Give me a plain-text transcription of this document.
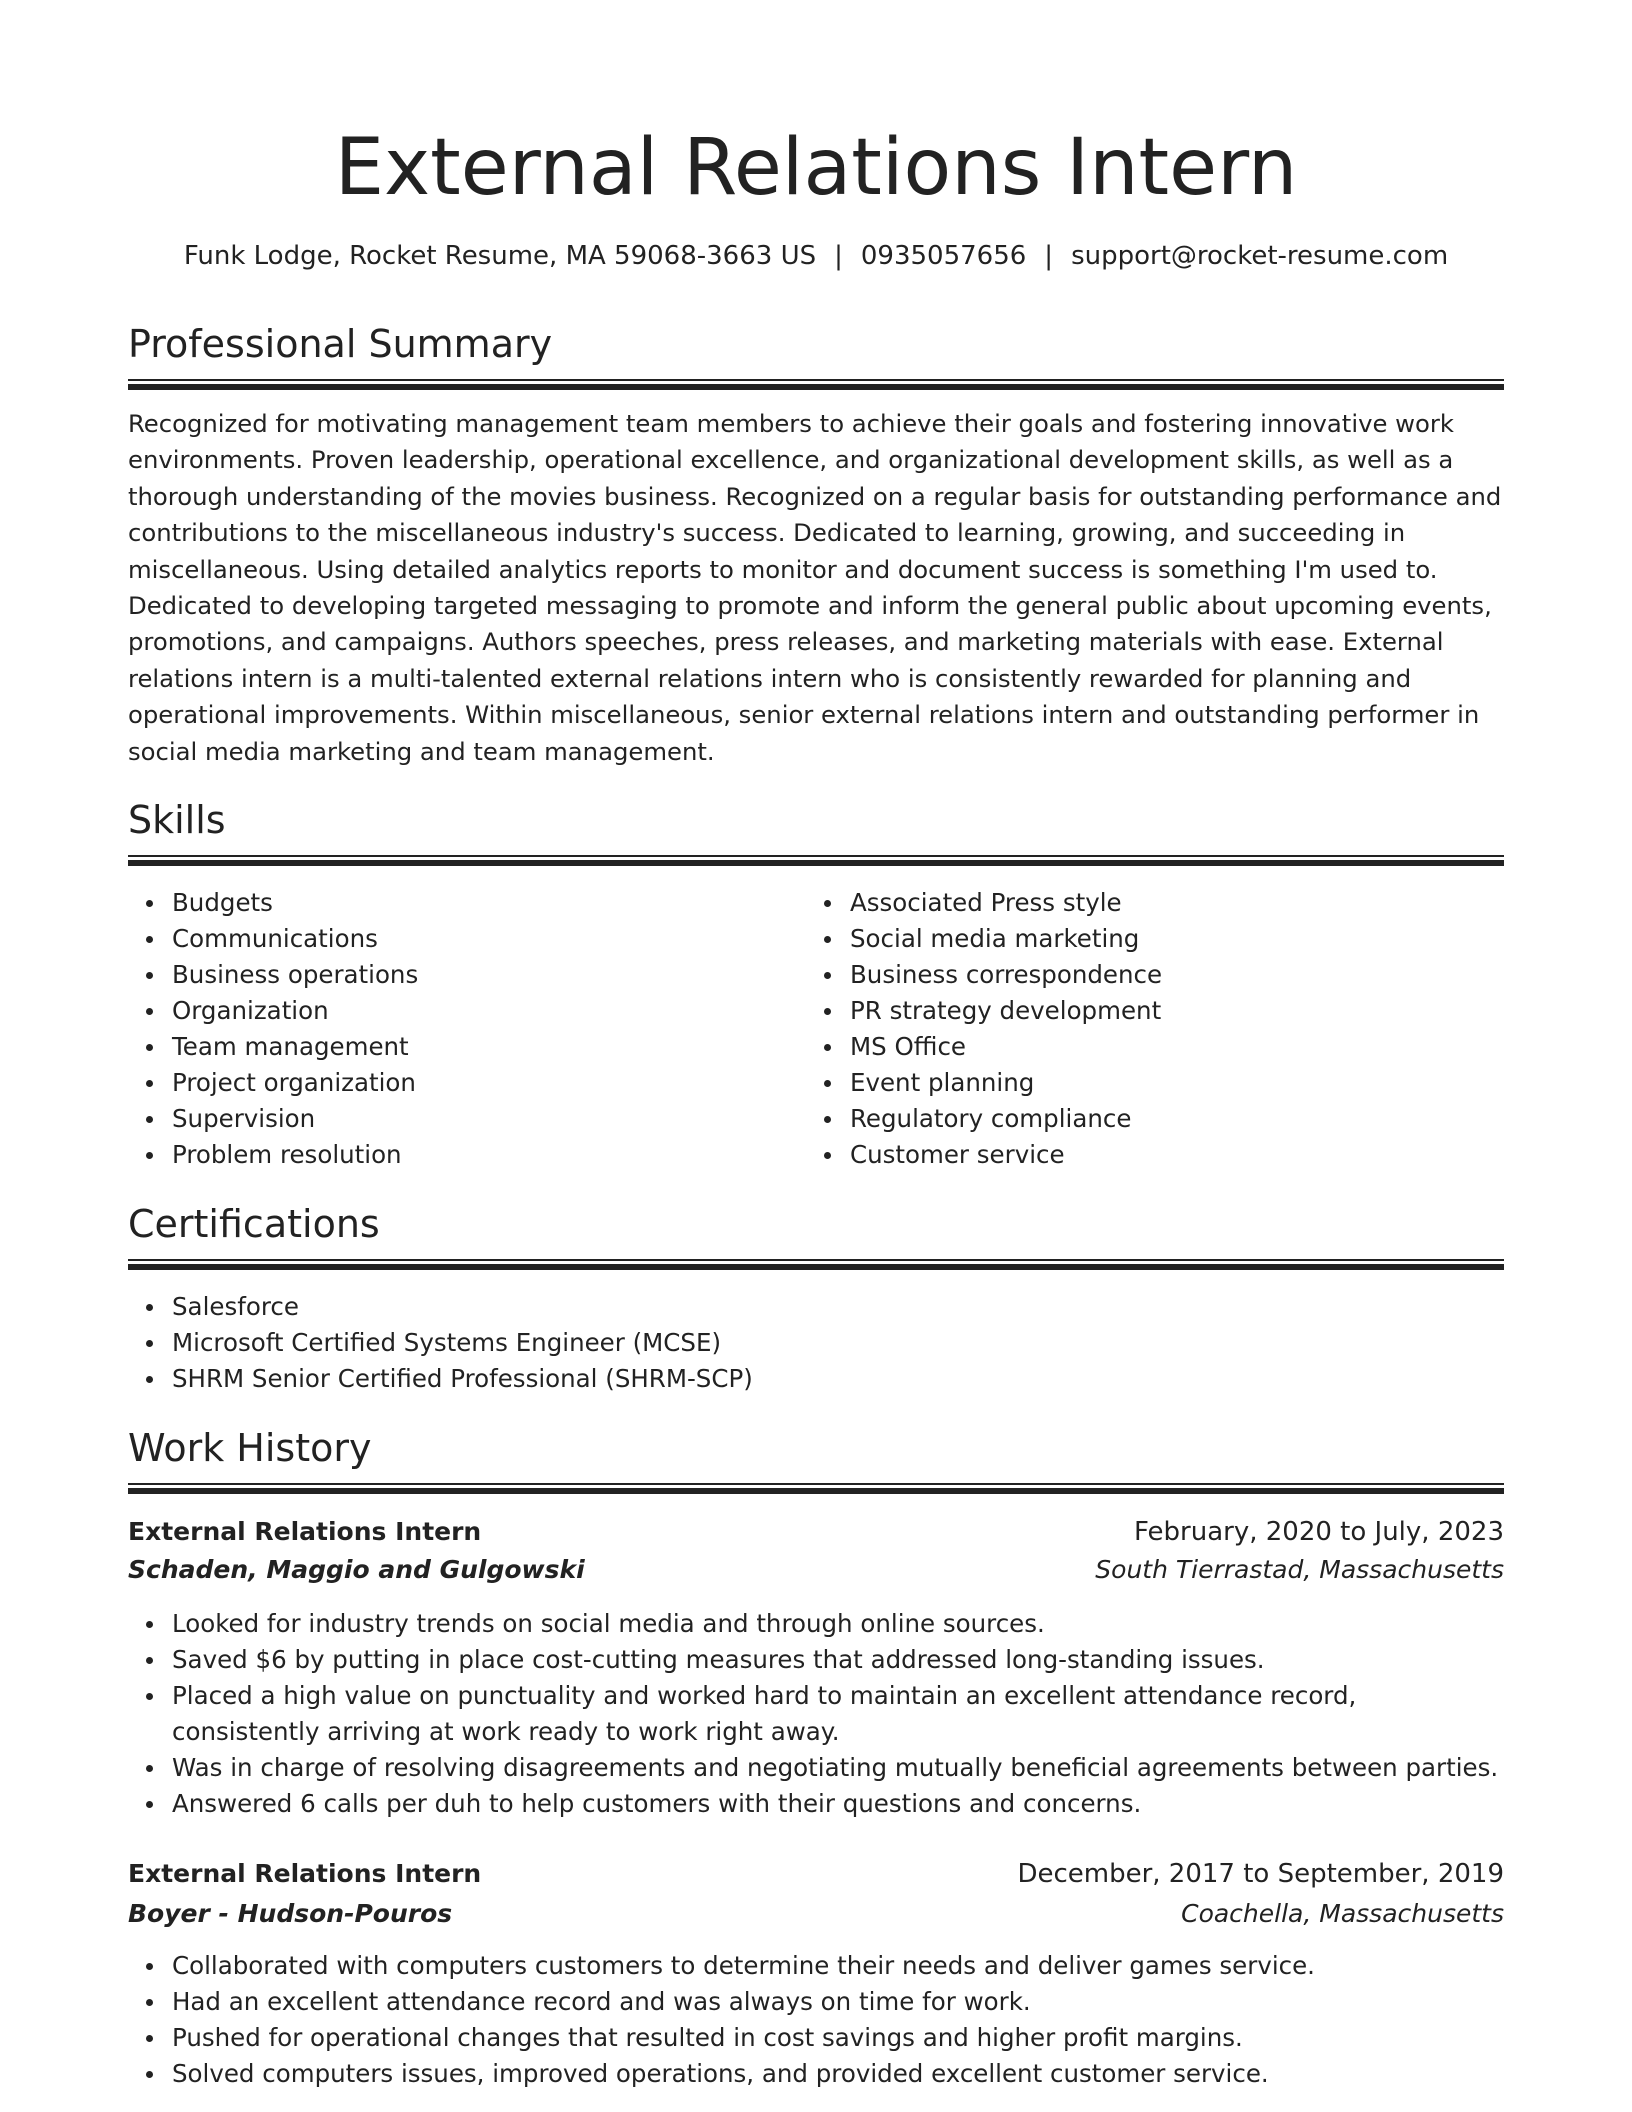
External Relations Intern
Funk Lodge, Rocket Resume, MA 59068-3663 US | 0935057656 | support@rocket-resume.com
Professional Summary

Recognized for motivating management team members to achieve their goals and fostering innovative work environments. Proven leadership, operational excellence, and organizational development skills, as well as a thorough understanding of the movies business. Recognized on a regular basis for outstanding performance and contributions to the miscellaneous industry's success. Dedicated to learning, growing, and succeeding in miscellaneous. Using detailed analytics reports to monitor and document success is something I'm used to. Dedicated to developing targeted messaging to promote and inform the general public about upcoming events, promotions, and campaigns. Authors speeches, press releases, and marketing materials with ease. External relations intern is a multi-talented external relations intern who is consistently rewarded for planning and operational improvements. Within miscellaneous, senior external relations intern and outstanding performer in social media marketing and team management.

Skills
Budgets
Communications
Business operations
Organization
Team management
Project organization
Supervision
Problem resolution
Associated Press style
Social media marketing
Business correspondence
PR strategy development
MS Office
Event planning
Regulatory compliance
Customer service
Certifications
Salesforce
Microsoft Certified Systems Engineer (MCSE)
SHRM Senior Certified Professional (SHRM-SCP)
Work History
External Relations Intern	February, 2020 to July, 2023
Schaden, Maggio and Gulgowski	South Tierrastad, Massachusetts
Looked for industry trends on social media and through online sources.
Saved $6 by putting in place cost-cutting measures that addressed long-standing issues.
Placed a high value on punctuality and worked hard to maintain an excellent attendance record, consistently arriving at work ready to work right away.
Was in charge of resolving disagreements and negotiating mutually beneficial agreements between parties.
Answered 6 calls per duh to help customers with their questions and concerns.
External Relations Intern	December, 2017 to September, 2019
Boyer - Hudson-Pouros	Coachella, Massachusetts
Collaborated with computers customers to determine their needs and deliver games service.
Had an excellent attendance record and was always on time for work.
Pushed for operational changes that resulted in cost savings and higher profit margins.
Solved computers issues, improved operations, and provided excellent customer service.
